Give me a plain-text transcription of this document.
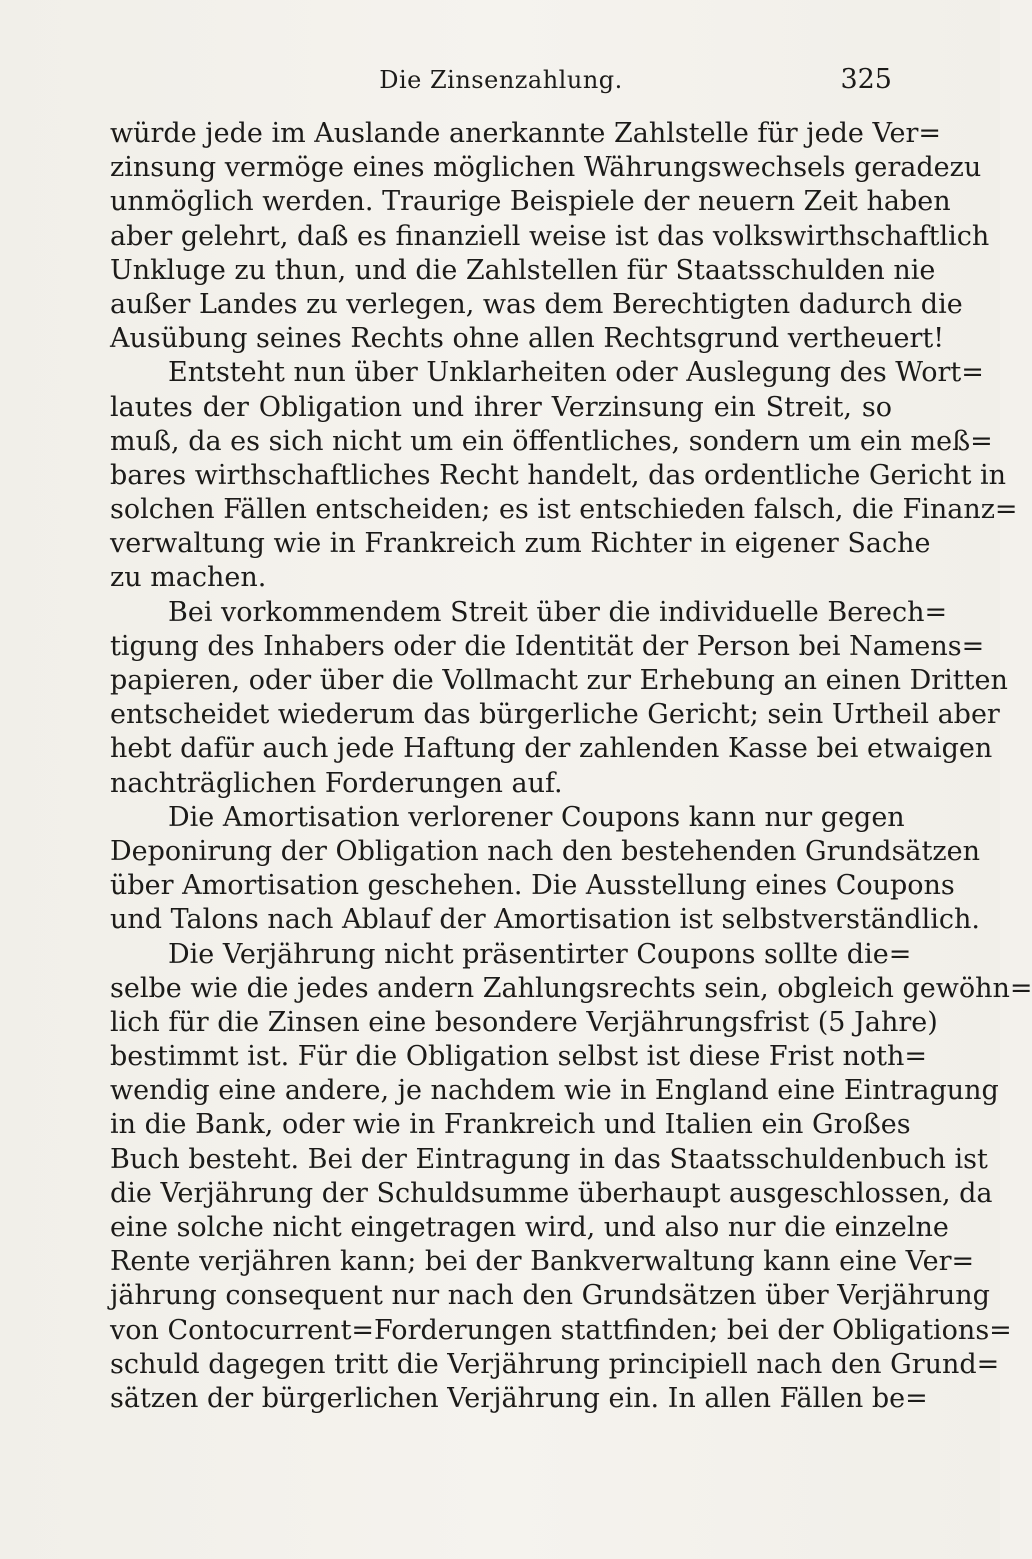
Die Zinsenzahlung.	325
würde jede im Auslande anerkannte Zahlstelle für jede Ver=
zinsung vermöge eines möglichen Währungswechsels geradezu
unmöglich werden. Traurige Beispiele der neuern Zeit haben
aber gelehrt, daß es finanziell weise ist das volkswirthschaftlich
Unkluge zu thun, und die Zahlstellen für Staatsschulden nie
außer Landes zu verlegen, was dem Berechtigten dadurch die
Ausübung seines Rechts ohne allen Rechtsgrund vertheuert!
Entsteht nun über Unklarheiten oder Auslegung des Wort=
lautes der Obligation und ihrer Verzinsung ein Streit, so
muß, da es sich nicht um ein öffentliches, sondern um ein meß=
bares wirthschaftliches Recht handelt, das ordentliche Gericht in
solchen Fällen entscheiden; es ist entschieden falsch, die Finanz=
verwaltung wie in Frankreich zum Richter in eigener Sache
zu machen.
Bei vorkommendem Streit über die individuelle Berech=
tigung des Inhabers oder die Identität der Person bei Namens=
papieren, oder über die Vollmacht zur Erhebung an einen Dritten
entscheidet wiederum das bürgerliche Gericht; sein Urtheil aber
hebt dafür auch jede Haftung der zahlenden Kasse bei etwaigen
nachträglichen Forderungen auf.
Die Amortisation verlorener Coupons kann nur gegen
Deponirung der Obligation nach den bestehenden Grundsätzen
über Amortisation geschehen. Die Ausstellung eines Coupons
und Talons nach Ablauf der Amortisation ist selbstverständlich.
Die Verjährung nicht präsentirter Coupons sollte die=
selbe wie die jedes andern Zahlungsrechts sein, obgleich gewöhn=
lich für die Zinsen eine besondere Verjährungsfrist (5 Jahre)
bestimmt ist. Für die Obligation selbst ist diese Frist noth=
wendig eine andere, je nachdem wie in England eine Eintragung
in die Bank, oder wie in Frankreich und Italien ein Großes
Buch besteht. Bei der Eintragung in das Staatsschuldenbuch ist
die Verjährung der Schuldsumme überhaupt ausgeschlossen, da
eine solche nicht eingetragen wird, und also nur die einzelne
Rente verjähren kann; bei der Bankverwaltung kann eine Ver=
jährung consequent nur nach den Grundsätzen über Verjährung
von Contocurrent=Forderungen stattfinden; bei der Obligations=
schuld dagegen tritt die Verjährung principiell nach den Grund=
sätzen der bürgerlichen Verjährung ein. In allen Fällen be=
